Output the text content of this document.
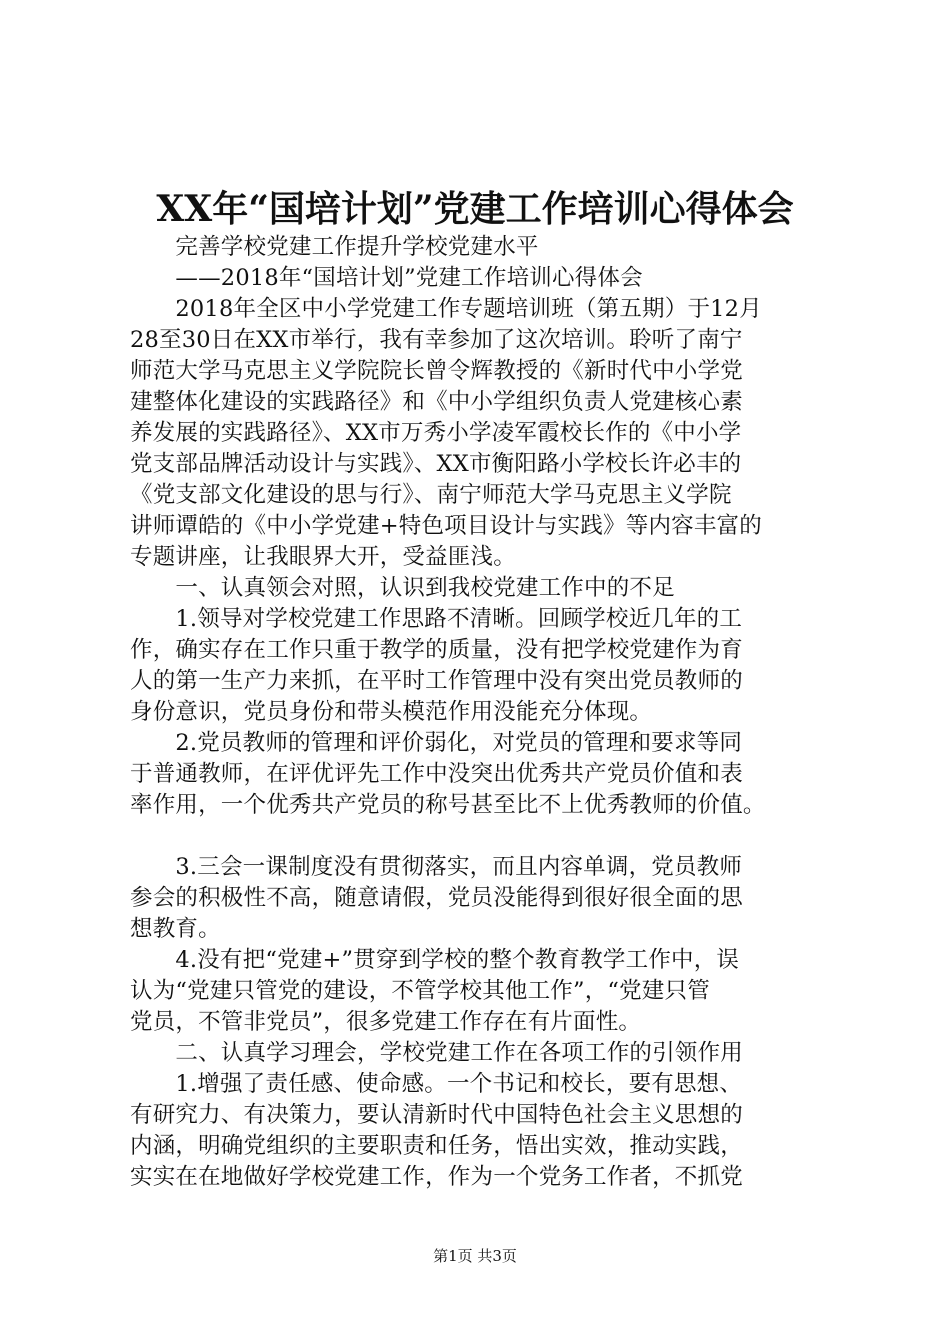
XX年“国培计划”党建工作培训心得体会
　　完善学校党建工作提升学校党建水平
　　——2018年“国培计划”党建工作培训心得体会
　　2018年全区中小学党建工作专题培训班（第五期）于12月
28至30日在XX市举行，我有幸参加了这次培训。聆听了南宁
师范大学马克思主义学院院长曾令辉教授的《新时代中小学党
建整体化建设的实践路径》和《中小学组织负责人党建核心素
养发展的实践路径》、XX市万秀小学凌军霞校长作的《中小学
党支部品牌活动设计与实践》、XX市衡阳路小学校长许必丰的
《党支部文化建设的思与行》、南宁师范大学马克思主义学院
讲师谭皓的《中小学党建+特色项目设计与实践》等内容丰富的
专题讲座，让我眼界大开，受益匪浅。
　　一、认真领会对照，认识到我校党建工作中的不足
　　1.领导对学校党建工作思路不清晰。回顾学校近几年的工
作，确实存在工作只重于教学的质量，没有把学校党建作为育
人的第一生产力来抓，在平时工作管理中没有突出党员教师的
身份意识，党员身份和带头模范作用没能充分体现。
　　2.党员教师的管理和评价弱化，对党员的管理和要求等同
于普通教师，在评优评先工作中没突出优秀共产党员价值和表
率作用，一个优秀共产党员的称号甚至比不上优秀教师的价值。
　　3.三会一课制度没有贯彻落实，而且内容单调，党员教师
参会的积极性不高，随意请假，党员没能得到很好很全面的思
想教育。
　　4.没有把“党建+”贯穿到学校的整个教育教学工作中，误
认为“党建只管党的建设，不管学校其他工作”，“党建只管
党员，不管非党员”，很多党建工作存在有片面性。
　　二、认真学习理会，学校党建工作在各项工作的引领作用
　　1.增强了责任感、使命感。一个书记和校长，要有思想、
有研究力、有决策力，要认清新时代中国特色社会主义思想的
内涵，明确党组织的主要职责和任务，悟出实效，推动实践，
实实在在地做好学校党建工作，作为一个党务工作者，不抓党
第1页 共3页
